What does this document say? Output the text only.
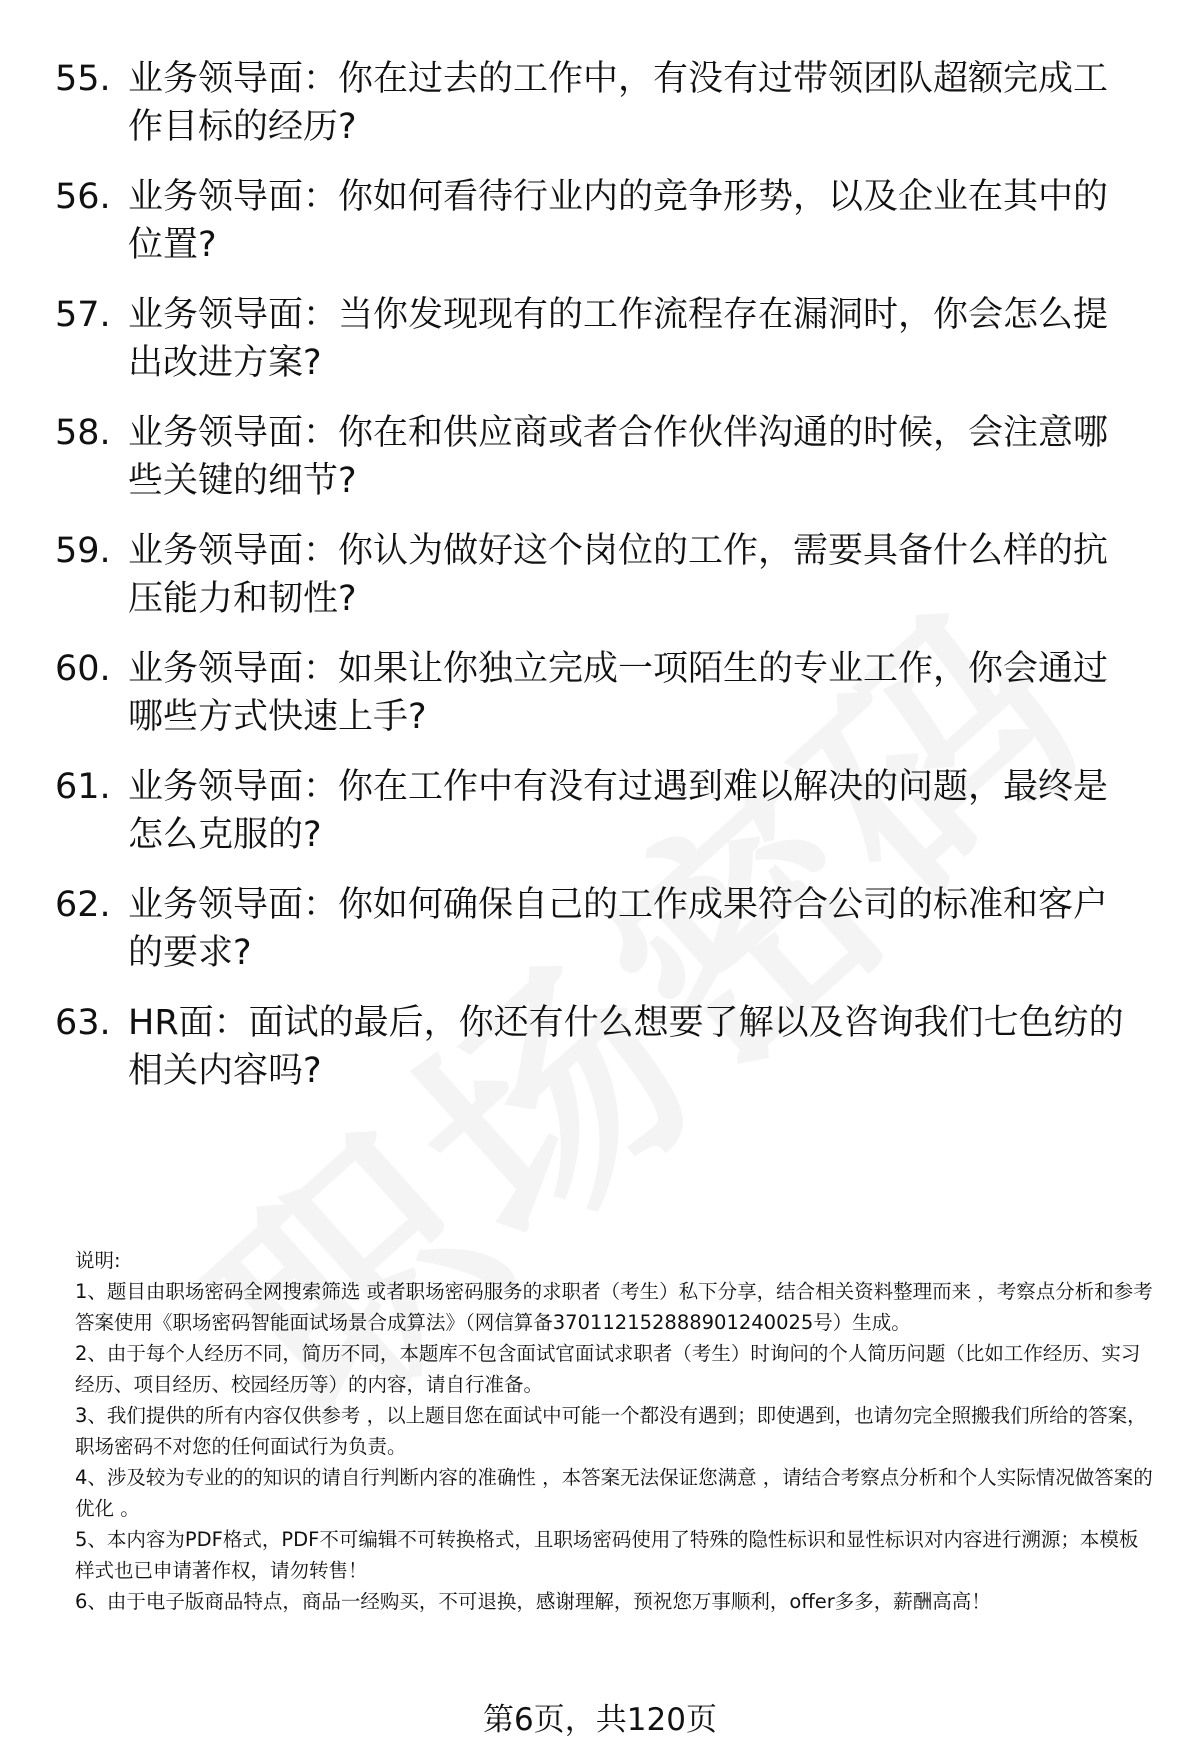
55. 业务领导面：你在过去的工作中，有没有过带领团队超额完成工作目标的经历?
56. 业务领导面：你如何看待行业内的竞争形势，以及企业在其中的位置?
57. 业务领导面：当你发现现有的工作流程存在漏洞时，你会怎么提出改进方案?
58. 业务领导面：你在和供应商或者合作伙伴沟通的时候，会注意哪些关键的细节?
59. 业务领导面：你认为做好这个岗位的工作，需要具备什么样的抗压能力和韧性?
60. 业务领导面：如果让你独立完成一项陌生的专业工作，你会通过哪些方式快速上手?
61. 业务领导面：你在工作中有没有过遇到难以解决的问题，最终是怎么克服的?
62. 业务领导面：你如何确保自己的工作成果符合公司的标准和客户的要求?
63. HR面：面试的最后，你还有什么想要了解以及咨询我们七色纺的相关内容吗?

说明:

1、题目由职场密码全网搜索筛选 或者职场密码服务的求职者（考生）私下分享，结合相关资料整理而来 ，考察点分析和参考答案使用《职场密码智能面试场景合成算法》（网信算备370112152888901240025号）生成。

2、由于每个人经历不同，简历不同，本题库不包含面试官面试求职者（考生）时询问的个人简历问题（比如工作经历、实习经历、项目经历、校园经历等）的内容，请自行准备。

3、我们提供的所有内容仅供参考 ，以上题目您在面试中可能一个都没有遇到；即使遇到，也请勿完全照搬我们所给的答案，职场密码不对您的任何面试行为负责。

4、涉及较为专业的的知识的请自行判断内容的准确性 ，本答案无法保证您满意 ，请结合考察点分析和个人实际情况做答案的优化 。

5、本内容为PDF格式，PDF不可编辑不可转换格式，且职场密码使用了特殊的隐性标识和显性标识对内容进行溯源；本模板样式也已申请著作权，请勿转售！

6、由于电子版商品特点，商品一经购买，不可退换，感谢理解，预祝您万事顺利，offer多多，薪酬高高！

第6页，共120页
